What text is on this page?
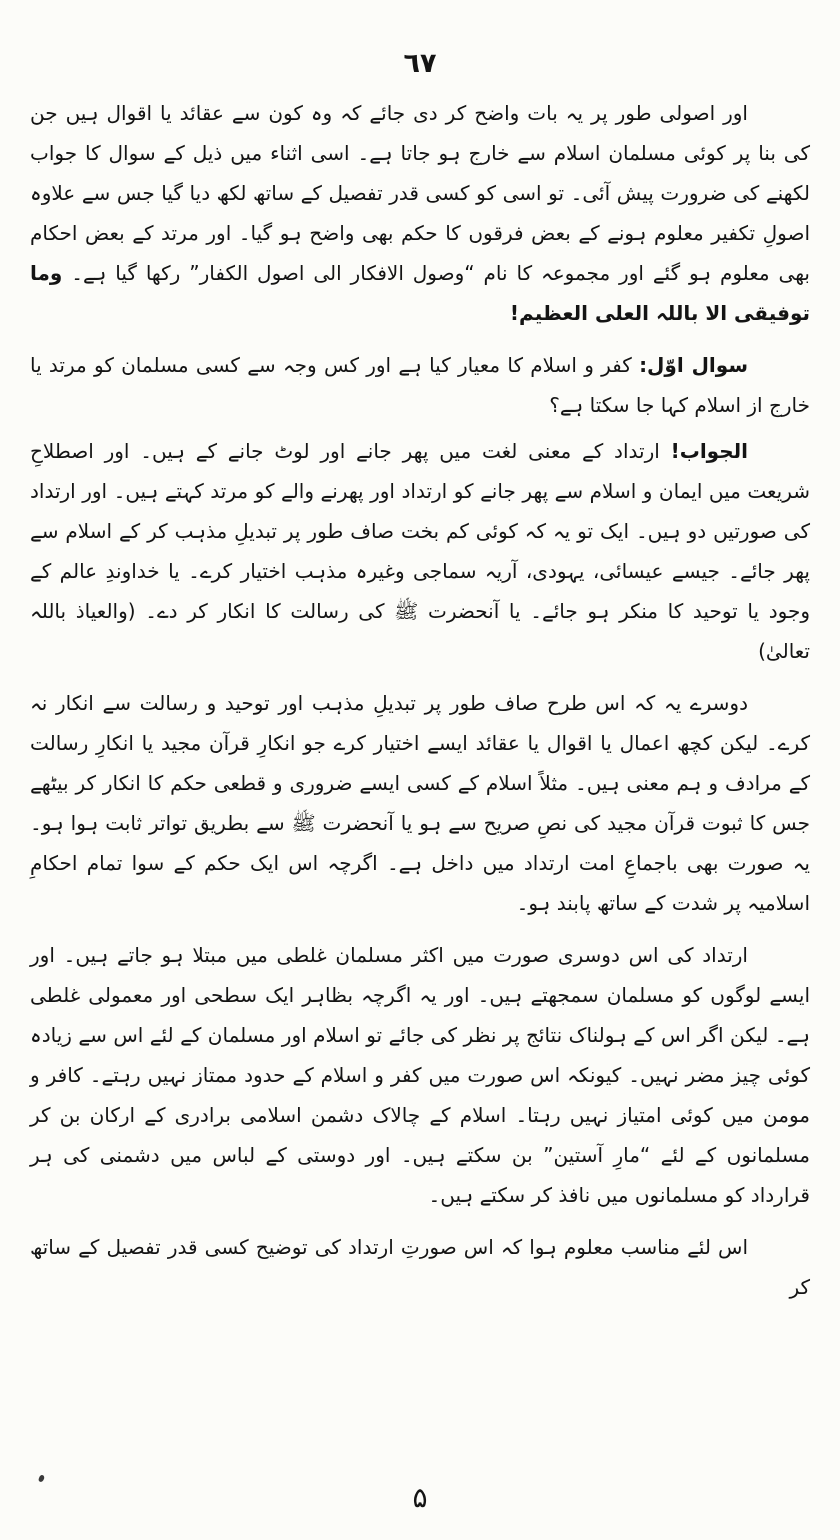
٦٧

اور اصولی طور پر یہ بات واضح کر دی جائے کہ وہ کون سے عقائد یا اقوال ہیں جن کی بنا پر کوئی مسلمان اسلام سے خارج ہو جاتا ہے۔ اسی اثناء میں ذیل کے سوال کا جواب لکھنے کی ضرورت پیش آئی۔ تو اسی کو کسی قدر تفصیل کے ساتھ لکھ دیا گیا جس سے علاوہ اصولِ تکفیر معلوم ہونے کے بعض فرقوں کا حکم بھی واضح ہو گیا۔ اور مرتد کے بعض احکام بھی معلوم ہو گئے اور مجموعہ کا نام “وصول الافکار الی اصول الکفار” رکھا گیا ہے۔ وما توفیقی الا باللہ العلی العظیم!

سوال اوّل: کفر و اسلام کا معیار کیا ہے اور کس وجہ سے کسی مسلمان کو مرتد یا خارج از اسلام کہا جا سکتا ہے؟

الجواب! ارتداد کے معنی لغت میں پھر جانے اور لوٹ جانے کے ہیں۔ اور اصطلاحِ شریعت میں ایمان و اسلام سے پھر جانے کو ارتداد اور پھرنے والے کو مرتد کہتے ہیں۔ اور ارتداد کی صورتیں دو ہیں۔ ایک تو یہ کہ کوئی کم بخت صاف طور پر تبدیلِ مذہب کر کے اسلام سے پھر جائے۔ جیسے عیسائی، یہودی، آریہ سماجی وغیرہ مذہب اختیار کرے۔ یا خداوندِ عالم کے وجود یا توحید کا منکر ہو جائے۔ یا آنحضرت ﷺ کی رسالت کا انکار کر دے۔ (والعیاذ باللہ تعالیٰ)

دوسرے یہ کہ اس طرح صاف طور پر تبدیلِ مذہب اور توحید و رسالت سے انکار نہ کرے۔ لیکن کچھ اعمال یا اقوال یا عقائد ایسے اختیار کرے جو انکارِ قرآن مجید یا انکارِ رسالت کے مرادف و ہم معنی ہیں۔ مثلاً اسلام کے کسی ایسے ضروری و قطعی حکم کا انکار کر بیٹھے جس کا ثبوت قرآن مجید کی نصِ صریح سے ہو یا آنحضرت ﷺ سے بطریق تواتر ثابت ہوا ہو۔ یہ صورت بھی باجماعِ امت ارتداد میں داخل ہے۔ اگرچہ اس ایک حکم کے سوا تمام احکامِ اسلامیہ پر شدت کے ساتھ پابند ہو۔

ارتداد کی اس دوسری صورت میں اکثر مسلمان غلطی میں مبتلا ہو جاتے ہیں۔ اور ایسے لوگوں کو مسلمان سمجھتے ہیں۔ اور یہ اگرچہ بظاہر ایک سطحی اور معمولی غلطی ہے۔ لیکن اگر اس کے ہولناک نتائج پر نظر کی جائے تو اسلام اور مسلمان کے لئے اس سے زیادہ کوئی چیز مضر نہیں۔ کیونکہ اس صورت میں کفر و اسلام کے حدود ممتاز نہیں رہتے۔ کافر و مومن میں کوئی امتیاز نہیں رہتا۔ اسلام کے چالاک دشمن اسلامی برادری کے ارکان بن کر مسلمانوں کے لئے “مارِ آستین” بن سکتے ہیں۔ اور دوستی کے لباس میں دشمنی کی ہر قرارداد کو مسلمانوں میں نافذ کر سکتے ہیں۔

اس لئے مناسب معلوم ہوا کہ اس صورتِ ارتداد کی توضیح کسی قدر تفصیل کے ساتھ کر

۵
